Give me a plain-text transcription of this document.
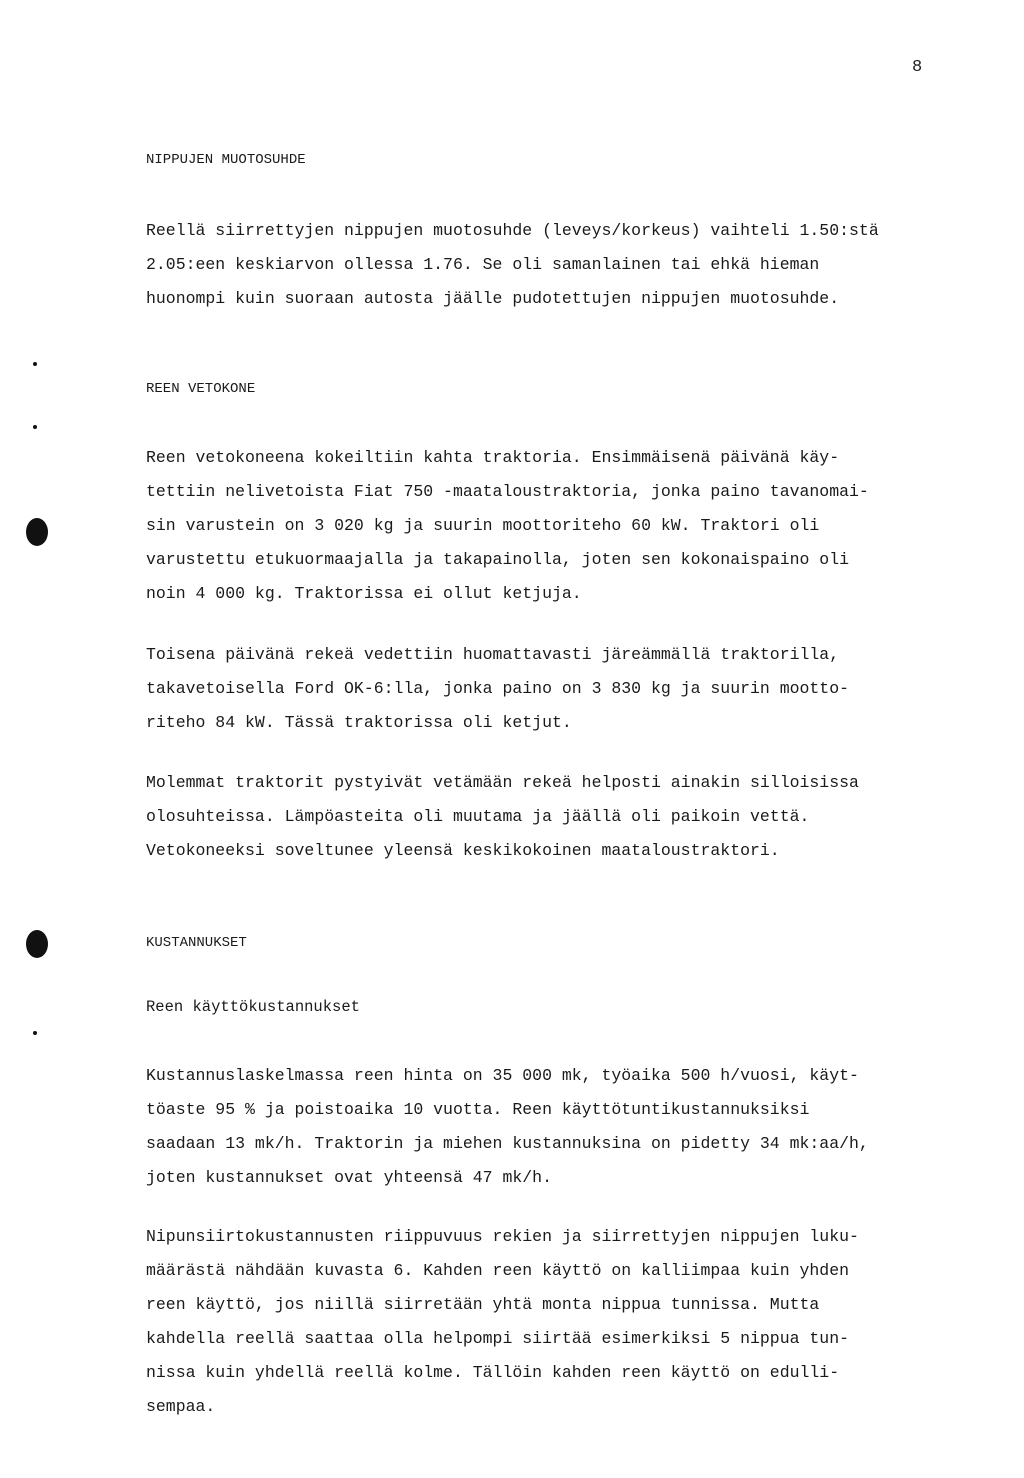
8
NIPPUJEN MUOTOSUHDE
Reellä siirrettyjen nippujen muotosuhde (leveys/korkeus) vaihteli 1.50:stä
2.05:een keskiarvon ollessa 1.76. Se oli samanlainen tai ehkä hieman
huonompi kuin suoraan autosta jäälle pudotettujen nippujen muotosuhde.
REEN VETOKONE
Reen vetokoneena kokeiltiin kahta traktoria. Ensimmäisenä päivänä käy-
tettiin nelivetoista Fiat 750 -maataloustraktoria, jonka paino tavanomai-
sin varustein on 3 020 kg ja suurin moottoriteho 60 kW. Traktori oli
varustettu etukuormaajalla ja takapainolla, joten sen kokonaispaino oli
noin 4 000 kg. Traktorissa ei ollut ketjuja.
Toisena päivänä rekeä vedettiin huomattavasti järeämmällä traktorilla,
takavetoisella Ford OK-6:lla, jonka paino on 3 830 kg ja suurin moottо-
riteho 84 kW. Tässä traktorissa oli ketjut.
Molemmat traktorit pystyivät vetämään rekeä helposti ainakin silloisissa
olosuhteissa. Lämpöasteita oli muutama ja jäällä oli paikoin vettä.
Vetokoneeksi soveltunee yleensä keskikokoinen maataloustraktori.
KUSTANNUKSET
Reen käyttökustannukset
Kustannuslaskelmassa reen hinta on 35 000 mk, työaika 500 h/vuosi, käyt-
töaste 95 % ja poistoaika 10 vuotta. Reen käyttötuntikustannuksiksi
saadaan 13 mk/h. Traktorin ja miehen kustannuksina on pidetty 34 mk:aa/h,
joten kustannukset ovat yhteensä 47 mk/h.
Nipunsiirtokustannusten riippuvuus rekien ja siirrettyjen nippujen luku-
määrästä nähdään kuvasta 6. Kahden reen käyttö on kalliimpaa kuin yhden
reen käyttö, jos niillä siirretään yhtä monta nippua tunnissa. Mutta
kahdella reellä saattaa olla helpompi siirtää esimerkiksi 5 nippua tun-
nissa kuin yhdellä reellä kolme. Tällöin kahden reen käyttö on edulli-
sempaa.
